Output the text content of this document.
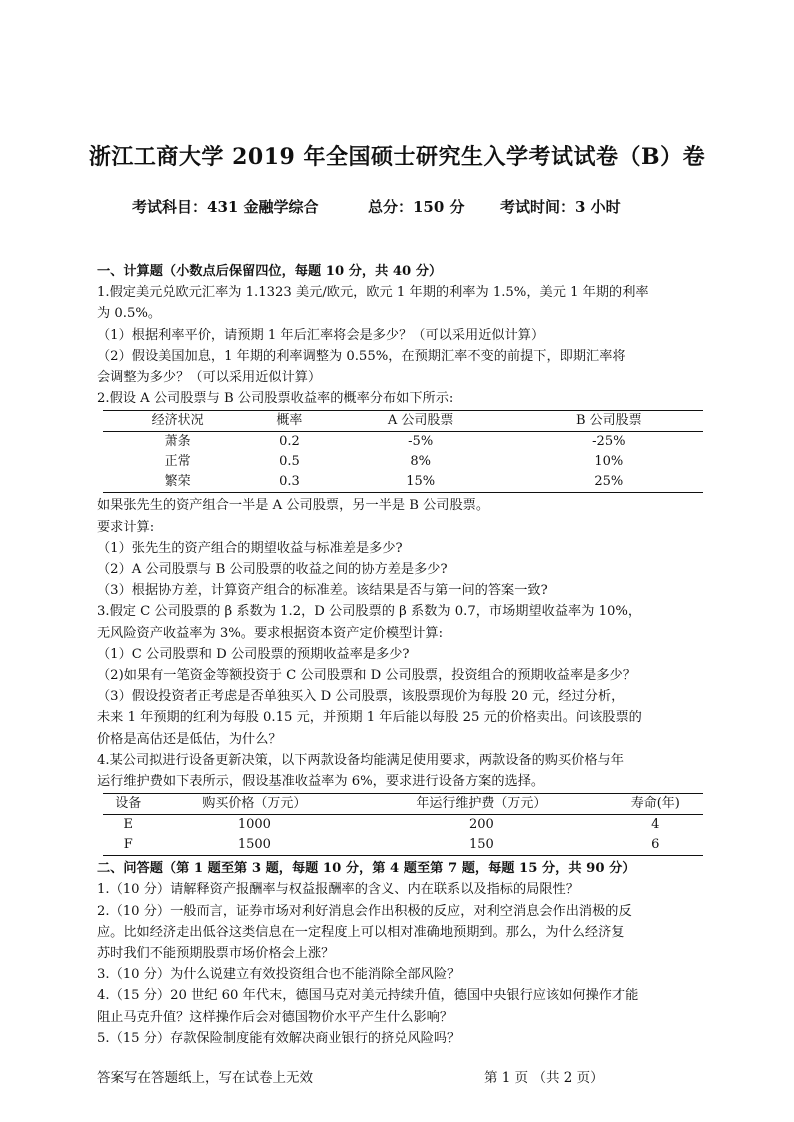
浙江工商大学 2019 年全国硕士研究生入学考试试卷（B）卷
考试科目：431 金融学综合	总分：150 分 考试时间：3 小时
一、计算题（小数点后保留四位，每题 10 分，共 40 分）
1.假定美元兑欧元汇率为 1.1323 美元/欧元，欧元 1 年期的利率为 1.5%，美元 1 年期的利率
为 0.5%。
（1）根据利率平价，请预期 1 年后汇率将会是多少？（可以采用近似计算）
（2）假设美国加息，1 年期的利率调整为 0.55%，在预期汇率不变的前提下，即期汇率将
会调整为多少？（可以采用近似计算）
2.假设 A 公司股票与 B 公司股票收益率的概率分布如下所示:
经济状况	概率	A 公司股票	B 公司股票
萧条	0.2	-5%	-25%
正常	0.5	8%	10%
繁荣	0.3	15%	25%
如果张先生的资产组合一半是 A 公司股票，另一半是 B 公司股票。
要求计算:
（1）张先生的资产组合的期望收益与标准差是多少?
（2）A 公司股票与 B 公司股票的收益之间的协方差是多少?
（3）根据协方差，计算资产组合的标准差。该结果是否与第一问的答案一致?
3.假定 C 公司股票的 β 系数为 1.2，D 公司股票的 β 系数为 0.7，市场期望收益率为 10%，
无风险资产收益率为 3%。要求根据资本资产定价模型计算:
（1）C 公司股票和 D 公司股票的预期收益率是多少?
（2)如果有一笔资金等额投资于 C 公司股票和 D 公司股票，投资组合的预期收益率是多少？
（3）假设投资者正考虑是否单独买入 D 公司股票，该股票现价为每股 20 元，经过分析，
未来 1 年预期的红利为每股 0.15 元，并预期 1 年后能以每股 25 元的价格卖出。问该股票的
价格是高估还是低估，为什么？
4.某公司拟进行设备更新决策，以下两款设备均能满足使用要求，两款设备的购买价格与年
运行维护费如下表所示，假设基准收益率为 6%，要求进行设备方案的选择。
设备	购买价格（万元）	年运行维护费（万元）	寿命(年)
E	1000	200	4
F	1500	150	6
二、问答题（第 1 题至第 3 题，每题 10 分，第 4 题至第 7 题，每题 15 分，共 90 分）
1.（10 分）请解释资产报酬率与权益报酬率的含义、内在联系以及指标的局限性？
2.（10 分）一般而言，证券市场对利好消息会作出积极的反应，对利空消息会作出消极的反
应。比如经济走出低谷这类信息在一定程度上可以相对准确地预期到。那么，为什么经济复
苏时我们不能预期股票市场价格会上涨？
3.（10 分）为什么说建立有效投资组合也不能消除全部风险？
4.（15 分）20 世纪 60 年代末，德国马克对美元持续升值，德国中央银行应该如何操作才能
阻止马克升值？这样操作后会对德国物价水平产生什么影响？
5.（15 分）存款保险制度能有效解决商业银行的挤兑风险吗？
答案写在答题纸上，写在试卷上无效	第 1 页 （共 2 页）
